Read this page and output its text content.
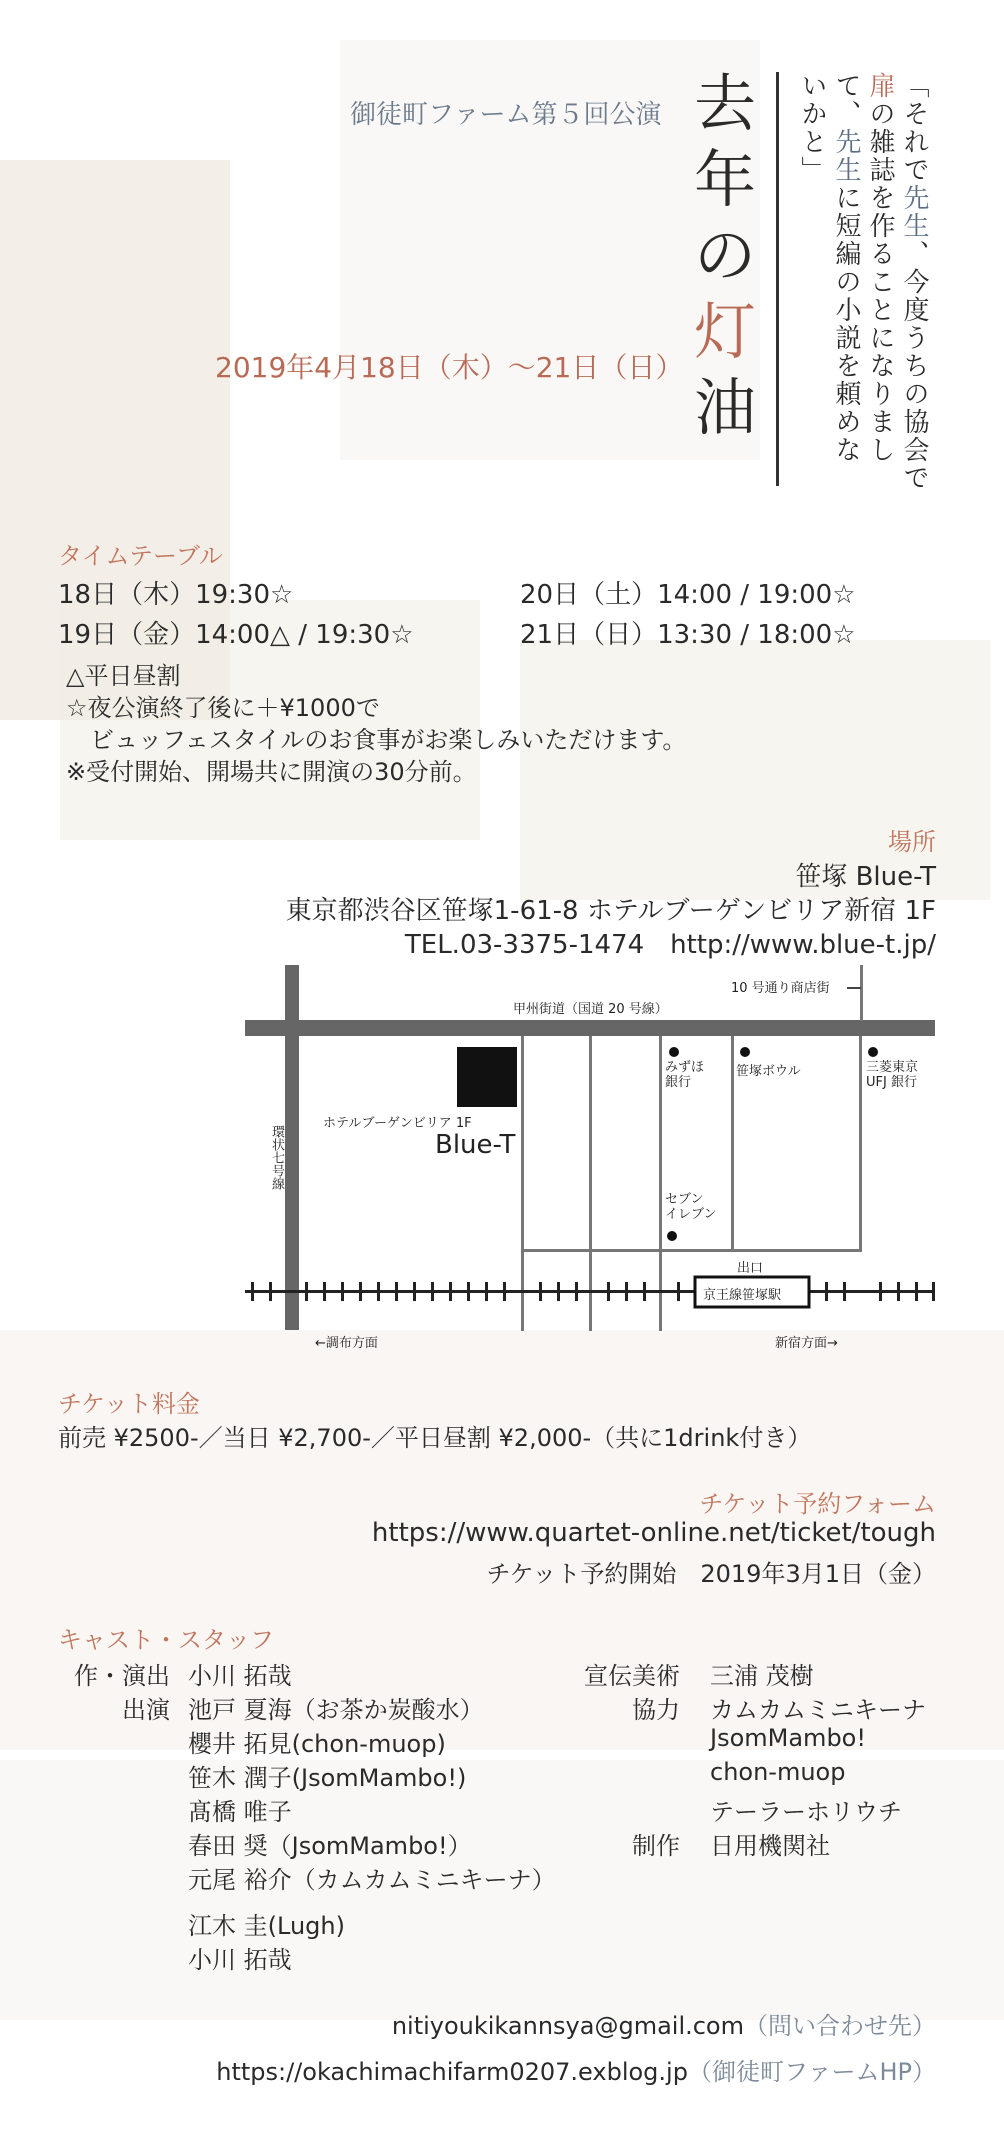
御徒町ファーム第５回公演
2019年4月18日（木）～21日（日）
去
年
の
灯
油
「それで先生、今度うちの協会で
扉の雑誌を作ることになりまし
て、先生に短編の小説を頼めな
いかと」
タイムテーブル
18日（木）19:30☆	20日（土）14:00 / 19:00☆
19日（金）14:00△ / 19:30☆	21日（日）13:30 / 18:00☆
△平日昼割
☆夜公演終了後に＋¥1000で
　ビュッフェスタイルのお食事がお楽しみいただけます。
※受付開始、開場共に開演の30分前。
場所
笹塚 Blue-T
東京都渋谷区笹塚1-61-8 ホテルブーゲンビリア新宿 1F
TEL.03-3375-1474　http://www.blue-t.jp/
甲州街道（国道 20 号線）
10 号通り商店街
環状七号線
みずほ
銀行
笹塚ボウル	三菱東京
UFJ 銀行
ホテルブーゲンビリア 1F
Blue-T
セブン
イレブン
出口
京王線笹塚駅
←調布方面	新宿方面→
チケット料金
前売 ¥2500-／当日 ¥2,700-／平日昼割 ¥2,000-（共に1drink付き）
チケット予約フォーム
https://www.quartet-online.net/ticket/tough
チケット予約開始　2019年3月1日（金）
キャスト・スタッフ
作・演出 小川 拓哉
出演 池戸 夏海（お茶か炭酸水）
櫻井 拓見(chon-muop)
笹木 潤子(JsomMambo!)
髙橋 唯子
春田 奨（JsomMambo!）
元尾 裕介（カムカムミニキーナ）
江木 圭(Lugh)
小川 拓哉
宣伝美術 三浦 茂樹
協力 カムカムミニキーナ
JsomMambo!
chon-muop
テーラーホリウチ
制作 日用機関社
nitiyoukikannsya@gmail.com（問い合わせ先）
https://okachimachifarm0207.exblog.jp（御徒町ファームHP）
